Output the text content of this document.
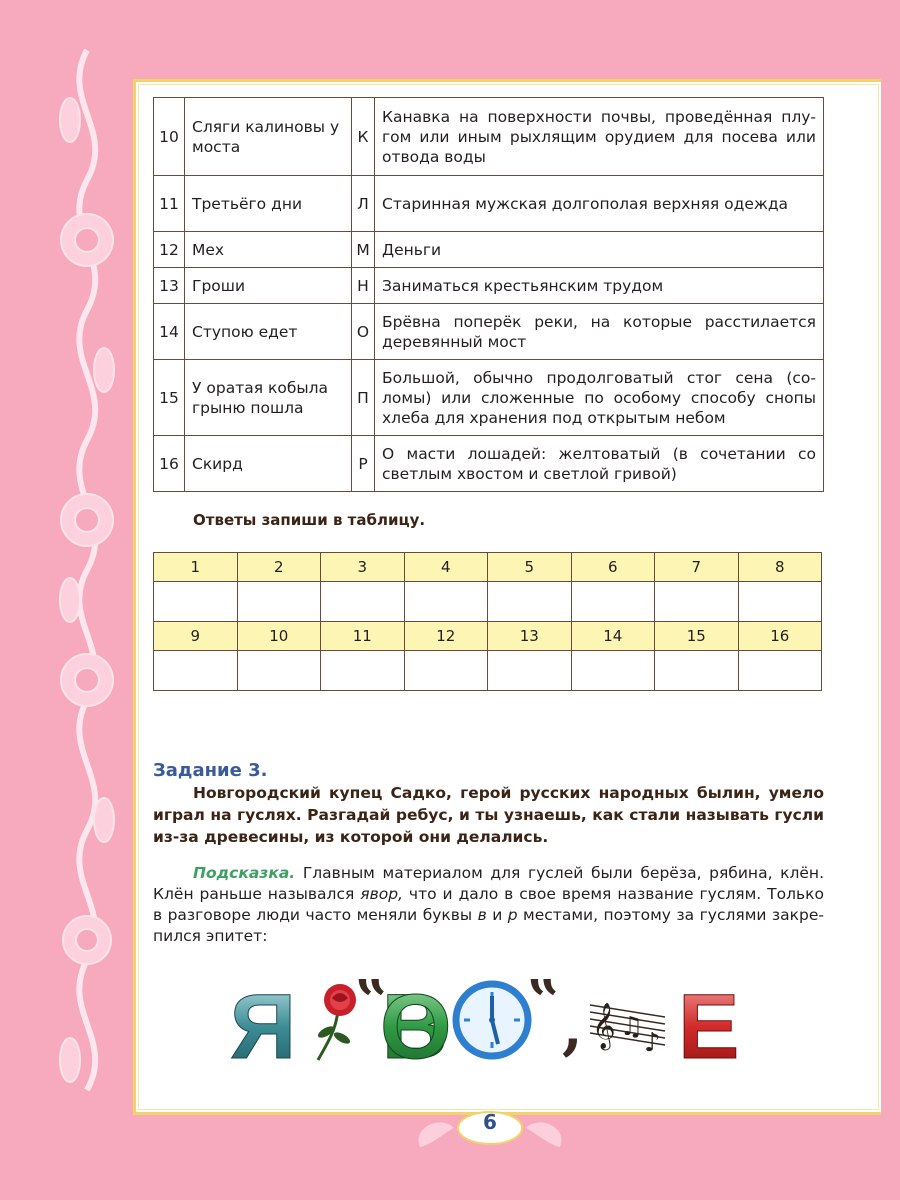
10	Сляги калиновы у моста	К	Канавка на поверхности почвы, проведённая плугом или иным рыхлящим орудием для посева или отвода воды
11	Третьёго дни	Л	Старинная мужская долгополая верхняя одежда
12	Мех	М	Деньги
13	Гроши	Н	Заниматься крестьянским трудом
14	Ступою едет	О	Брёвна поперёк реки, на которые расстилается деревянный мост
15	У оратая кобыла грыню пошла	П	Большой, обычно продолговатый стог сена (соломы) или сложенные по особому способу снопы хлеба для хранения под открытым небом
16	Скирд	Р	О масти лошадей: желтоватый (в сочетании со светлым хвостом и светлой гривой)
Ответы запиши в таблицу.
1	2	3	4	5	6	7	8

9	10	11	12	13	14	15	16

Задание 3.

Новгородский купец Садко, герой русских народных былин, умело играл на гуслях. Разгадай ребус, и ты узнаешь, как стали называть гусли из-за древесины, из которой они делались.

Подсказка. Главным материалом для гуслей были берёза, рябина, клён. Клён раньше назывался явор, что и дало в свое время название гуслям. Только в разговоре люди часто меняли буквы в и р местами, поэтому за гуслями закрепился эпитет:

Я ‟
ВО ‟ , 𝄞 ♫
♪ Е
6
